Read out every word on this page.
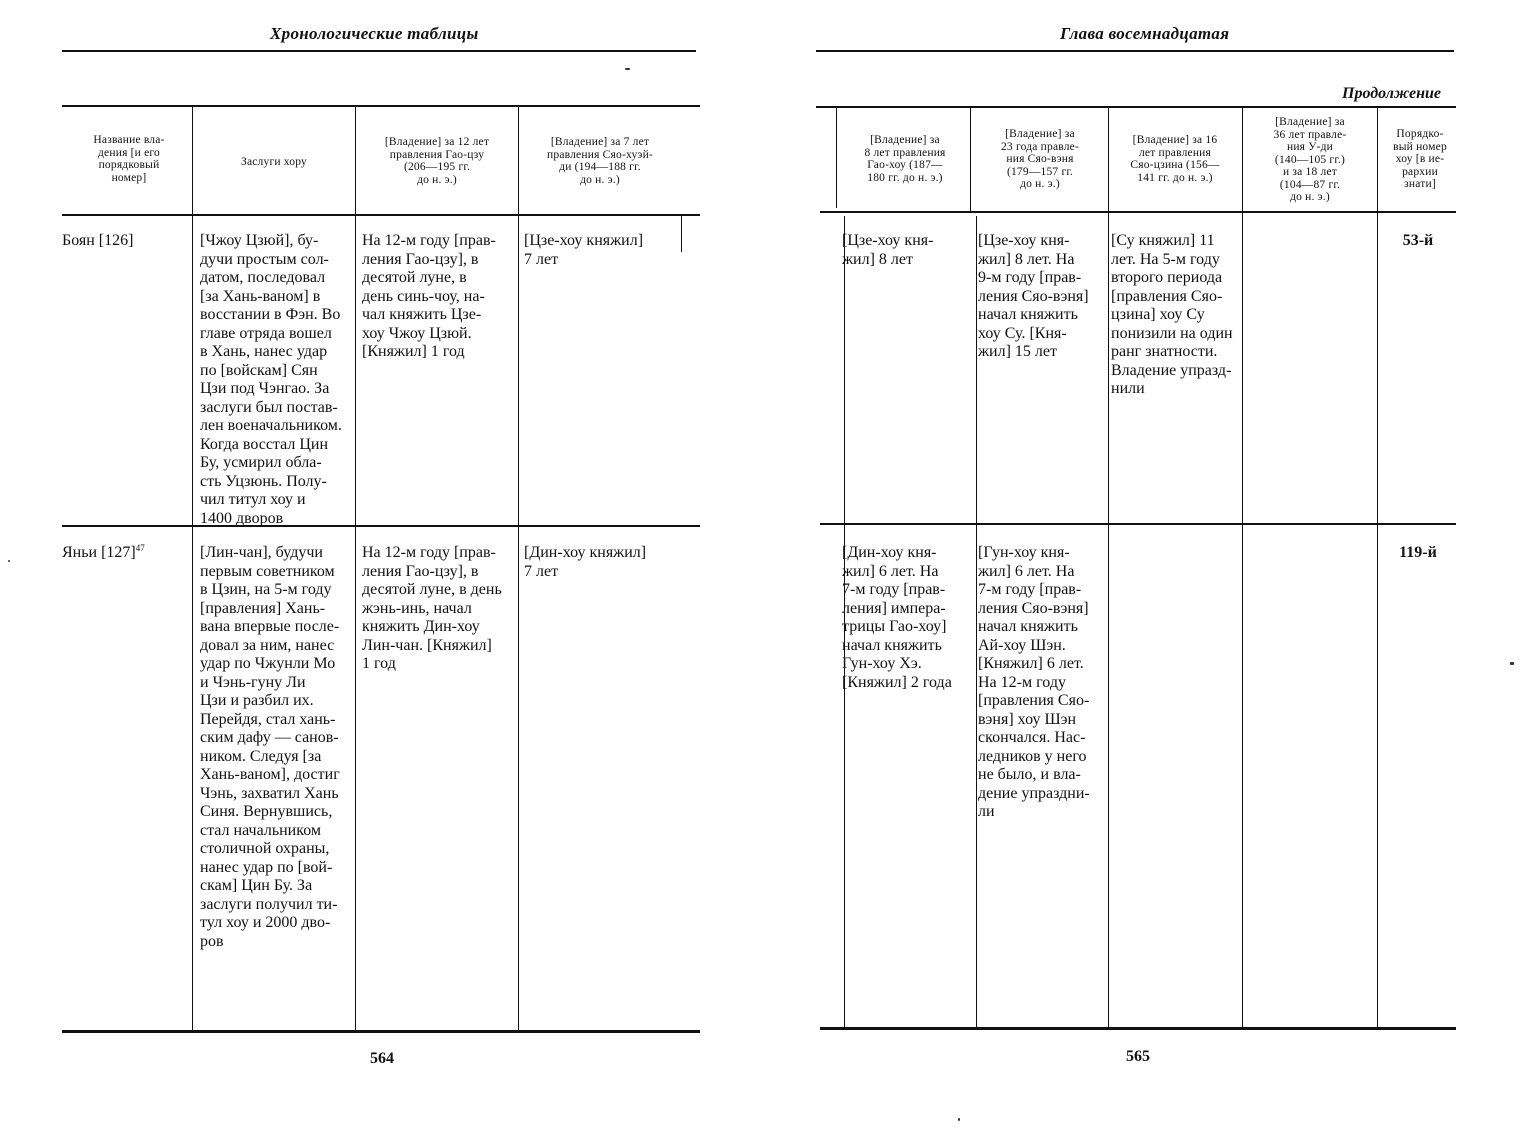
Хронологические таблицы
Название вла-
дения [и его
порядковый
номер]
Заслуги хору
[Владение] за 12 лет
правления Гао-цзу
(206—195 гг.
до н. э.)
[Владение] за 7 лет
правления Сяо-хуэй-
ди (194—188 гг.
до н. э.)
Боян [126]	[Чжоу Цзюй], бу-
дучи простым сол-
датом, последовал
[за Хань-ваном] в
восстании в Фэн. Во
главе отряда вошел
в Хань, нанес удар
по [войскам] Сян
Цзи под Чэнгао. За
заслуги был постав-
лен военачальником.
Когда восстал Цин
Бу, усмирил обла-
сть Уцзюнь. Полу-
чил титул хоу и
1400 дворов
На 12-м году [прав-
ления Гао-цзу], в
десятой луне, в
день синь-чоу, на-
чал княжить Цзе-
хоу Чжоу Цзюй.
[Княжил] 1 год
[Цзе-хоу княжил]
7 лет
Яньи $[127]^{47}$	[Лин-чан], будучи
первым советником
в Цзин, на 5-м году
[правления] Хань-
вана впервые после-
довал за ним, нанес
удар по Чжунли Мо
и Чэнь-гуну Ли
Цзи и разбил их.
Перейдя, стал хань-
ским дафу — санов-
ником. Следуя [за
Хань-ваном], достиг
Чэнь, захватил Хань
Синя. Вернувшись,
стал начальником
столичной охраны,
нанес удар по [вой-
скам] Цин Бу. За
заслуги получил ти-
тул хоу и 2000 дво-
ров
На 12-м году [прав-
ления Гао-цзу], в
десятой луне, в день
жэнь-инь, начал
княжить Дин-хоу
Лин-чан. [Княжил]
1 год
[Дин-хоу княжил]
7 лет
564
Глава восемнадцатая
Продолжение
[Владение] за
8 лет правления
Гао-хоу (187—
180 гг. до н. э.)
[Владение] за
23 года правле-
ния Сяо-вэня
(179—157 гг.
до н. э.)
[Владение] за 16
лет правления
Сяо-цзина (156—
141 гг. до н. э.)
[Владение] за
36 лет правле-
ния У-ди
(140—105 гг.)
и за 18 лет
(104—87 гг.
до н. э.)
Порядко-
вый номер
хоу [в ие-
рархии
знати]
[Цзе-хоу кня-
жил] 8 лет
[Цзе-хоу кня-
жил] 8 лет. На
9-м году [прав-
ления Сяо-вэня]
начал княжить
хоу Су. [Кня-
жил] 15 лет
[Су княжил] 11
лет. На 5-м году
второго периода
[правления Сяо-
цзина] хоу Су
понизили на один
ранг знатности.
Владение упразд-
нили
53-й
[Дин-хоу кня-
жил] 6 лет. На
7-м году [прав-
ления] импера-
трицы Гао-хоу]
начал княжить
Гун-хоу Хэ.
[Княжил] 2 года
[Гун-хоу кня-
жил] 6 лет. На
7-м году [прав-
ления Сяо-вэня]
начал княжить
Ай-хоу Шэн.
[Княжил] 6 лет.
На 12-м году
[правления Сяо-
вэня] хоу Шэн
скончался. Нас-
ледников у него
не было, и вла-
дение упраздни-
ли
119-й
565
